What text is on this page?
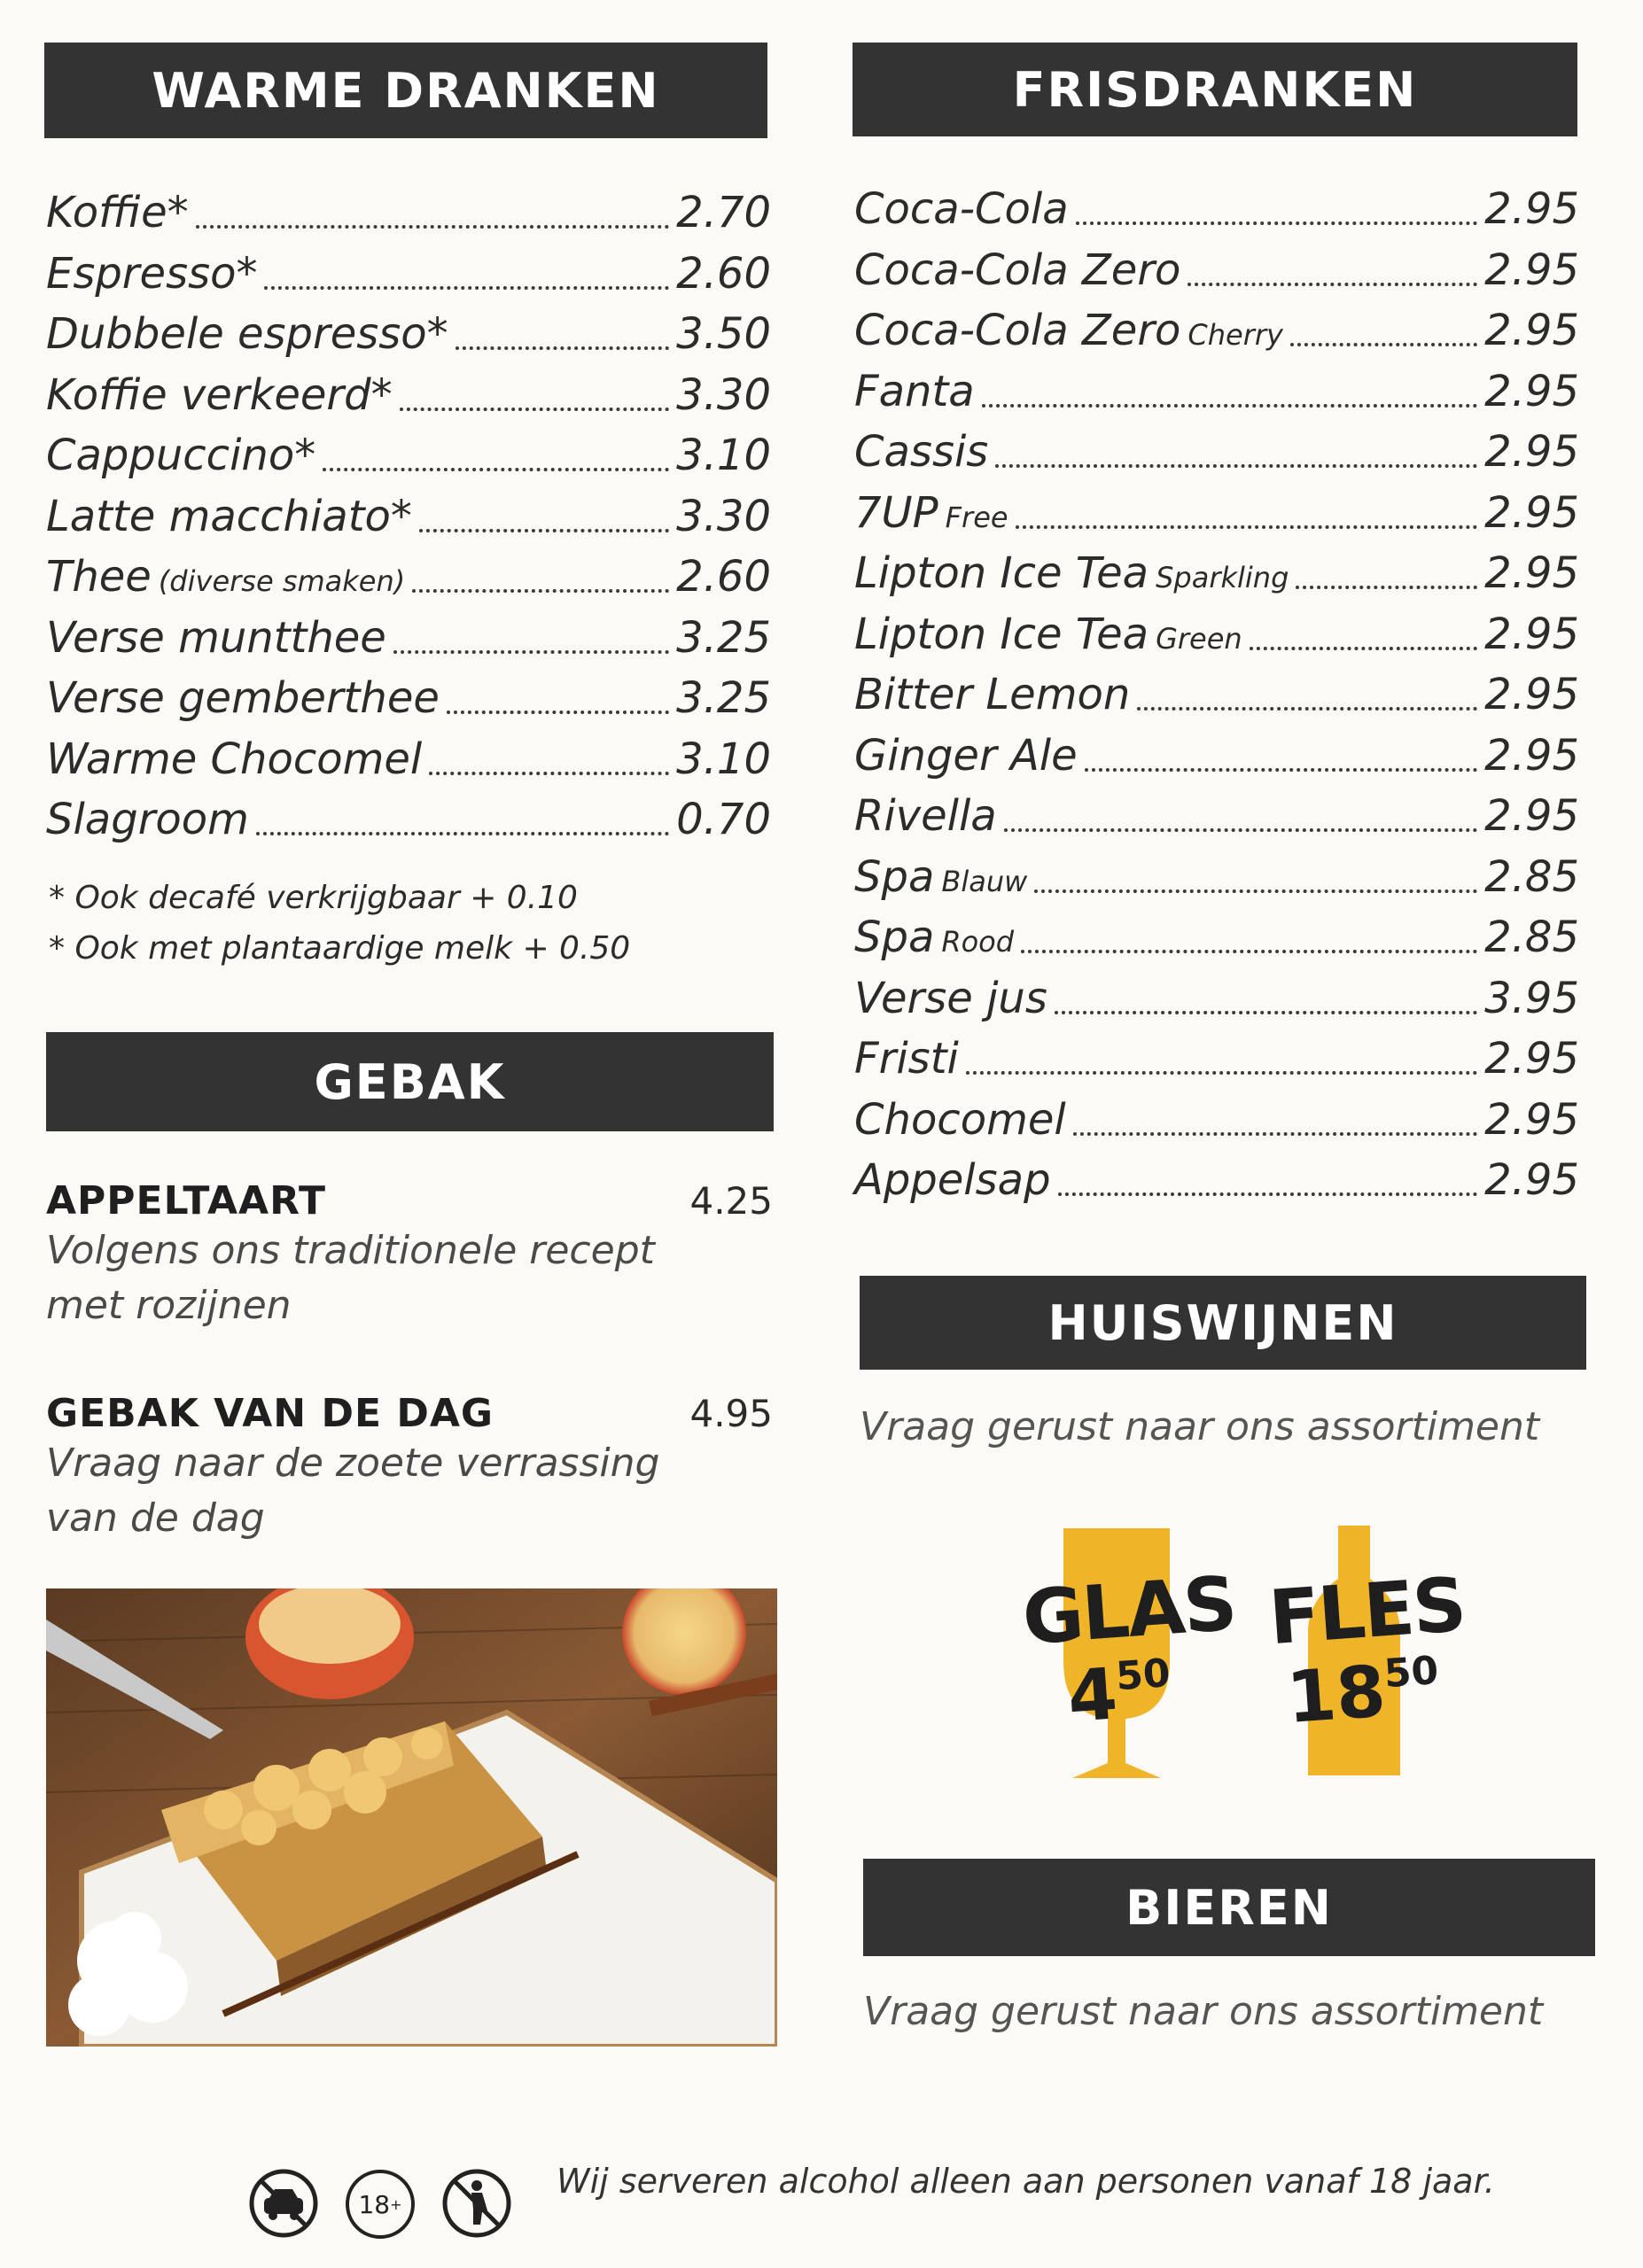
WARME DRANKEN
Koffie*	2.70
Espresso*	2.60
Dubbele espresso*	3.50
Koffie verkeerd*	3.30
Cappuccino*	3.10
Latte macchiato*	3.30
Thee (diverse smaken)	2.60
Verse muntthee	3.25
Verse gemberthee	3.25
Warme Chocomel	3.10
Slagroom	0.70
* Ook decafé verkrijgbaar + 0.10
* Ook met plantaardige melk + 0.50
FRISDRANKEN
Coca-Cola	2.95
Coca-Cola Zero	2.95
Coca-Cola Zero Cherry	2.95
Fanta	2.95
Cassis	2.95
7UP Free	2.95
Lipton Ice Tea Sparkling	2.95
Lipton Ice Tea Green	2.95
Bitter Lemon	2.95
Ginger Ale	2.95
Rivella	2.95
Spa Blauw	2.85
Spa Rood	2.85
Verse jus	3.95
Fristi	2.95
Chocomel	2.95
Appelsap	2.95
GEBAK
APPELTAART	4.25
Volgens ons traditionele recept met rozijnen
GEBAK VAN DE DAG	4.95
Vraag naar de zoete verrassing van de dag
HUISWIJNEN
Vraag gerust naar ons assortiment
GLAS
$4^{50}$
FLES
$18^{50}$
BIEREN
Vraag gerust naar ons assortiment
18 +
Wij serveren alcohol alleen aan personen vanaf 18 jaar.
